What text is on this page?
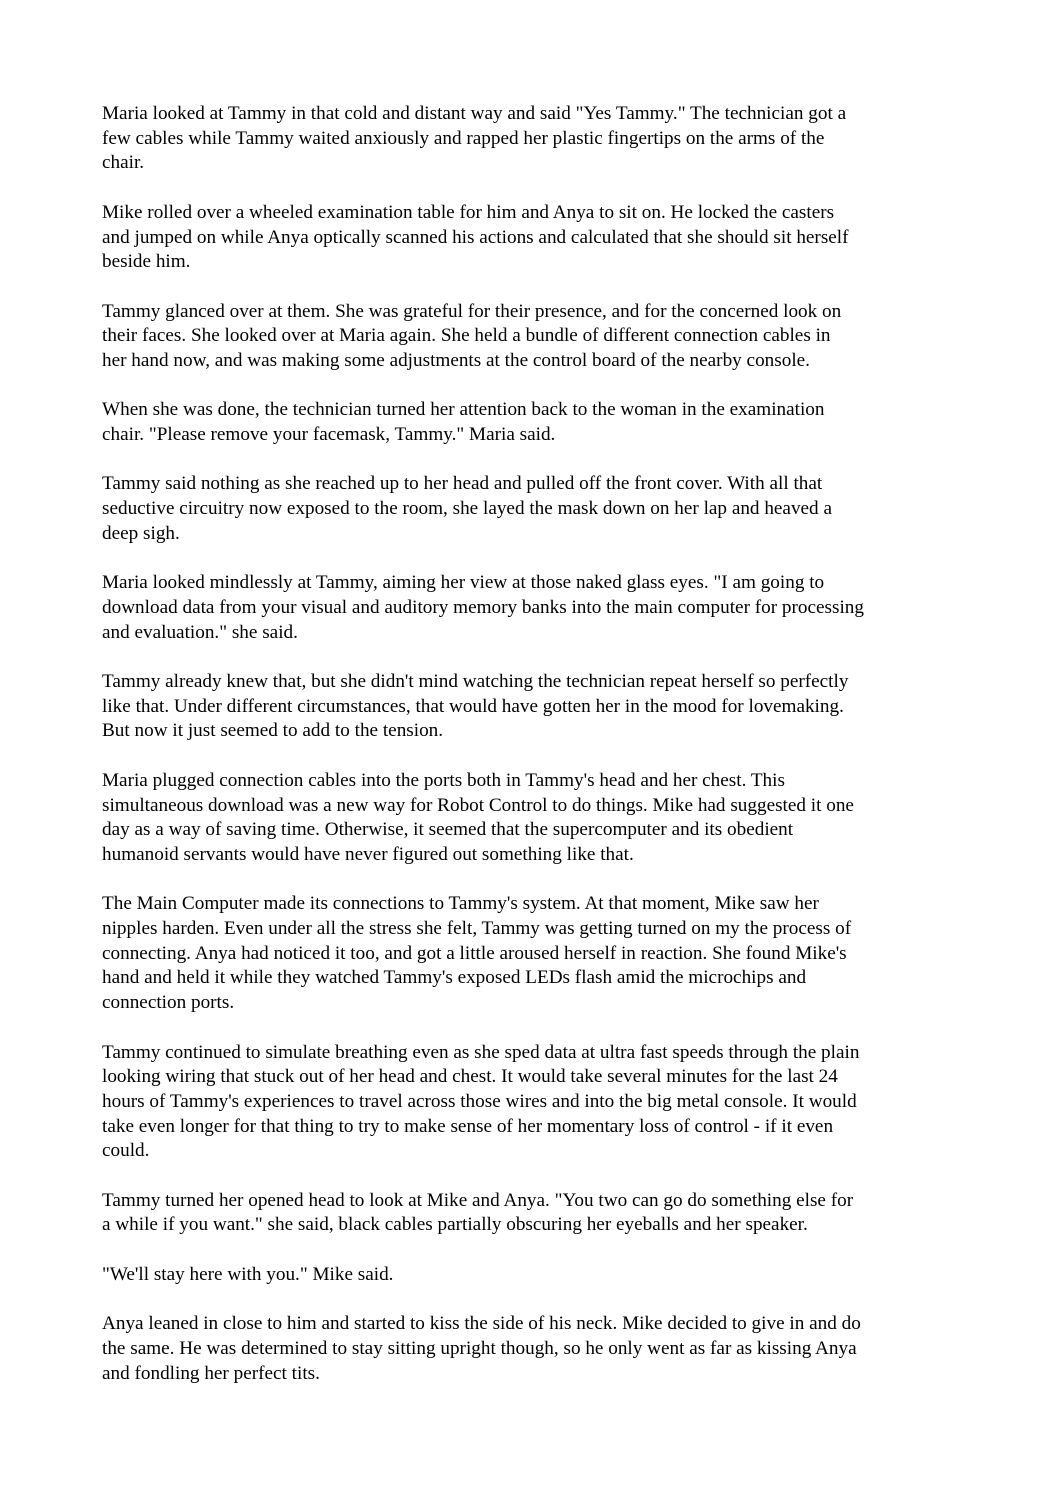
Maria looked at Tammy in that cold and distant way and said "Yes Tammy." The technician got a
few cables while Tammy waited anxiously and rapped her plastic fingertips on the arms of the
chair.

Mike rolled over a wheeled examination table for him and Anya to sit on. He locked the casters
and jumped on while Anya optically scanned his actions and calculated that she should sit herself
beside him.

Tammy glanced over at them. She was grateful for their presence, and for the concerned look on
their faces. She looked over at Maria again. She held a bundle of different connection cables in
her hand now, and was making some adjustments at the control board of the nearby console.

When she was done, the technician turned her attention back to the woman in the examination
chair. "Please remove your facemask, Tammy." Maria said.

Tammy said nothing as she reached up to her head and pulled off the front cover. With all that
seductive circuitry now exposed to the room, she layed the mask down on her lap and heaved a
deep sigh.

Maria looked mindlessly at Tammy, aiming her view at those naked glass eyes. "I am going to
download data from your visual and auditory memory banks into the main computer for processing
and evaluation." she said.

Tammy already knew that, but she didn't mind watching the technician repeat herself so perfectly
like that. Under different circumstances, that would have gotten her in the mood for lovemaking.
But now it just seemed to add to the tension.

Maria plugged connection cables into the ports both in Tammy's head and her chest. This
simultaneous download was a new way for Robot Control to do things. Mike had suggested it one
day as a way of saving time. Otherwise, it seemed that the supercomputer and its obedient
humanoid servants would have never figured out something like that.

The Main Computer made its connections to Tammy's system. At that moment, Mike saw her
nipples harden. Even under all the stress she felt, Tammy was getting turned on my the process of
connecting. Anya had noticed it too, and got a little aroused herself in reaction. She found Mike's
hand and held it while they watched Tammy's exposed LEDs flash amid the microchips and
connection ports.

Tammy continued to simulate breathing even as she sped data at ultra fast speeds through the plain
looking wiring that stuck out of her head and chest. It would take several minutes for the last 24
hours of Tammy's experiences to travel across those wires and into the big metal console. It would
take even longer for that thing to try to make sense of her momentary loss of control - if it even
could.

Tammy turned her opened head to look at Mike and Anya. "You two can go do something else for
a while if you want." she said, black cables partially obscuring her eyeballs and her speaker.

"We'll stay here with you." Mike said.

Anya leaned in close to him and started to kiss the side of his neck. Mike decided to give in and do
the same. He was determined to stay sitting upright though, so he only went as far as kissing Anya
and fondling her perfect tits.
